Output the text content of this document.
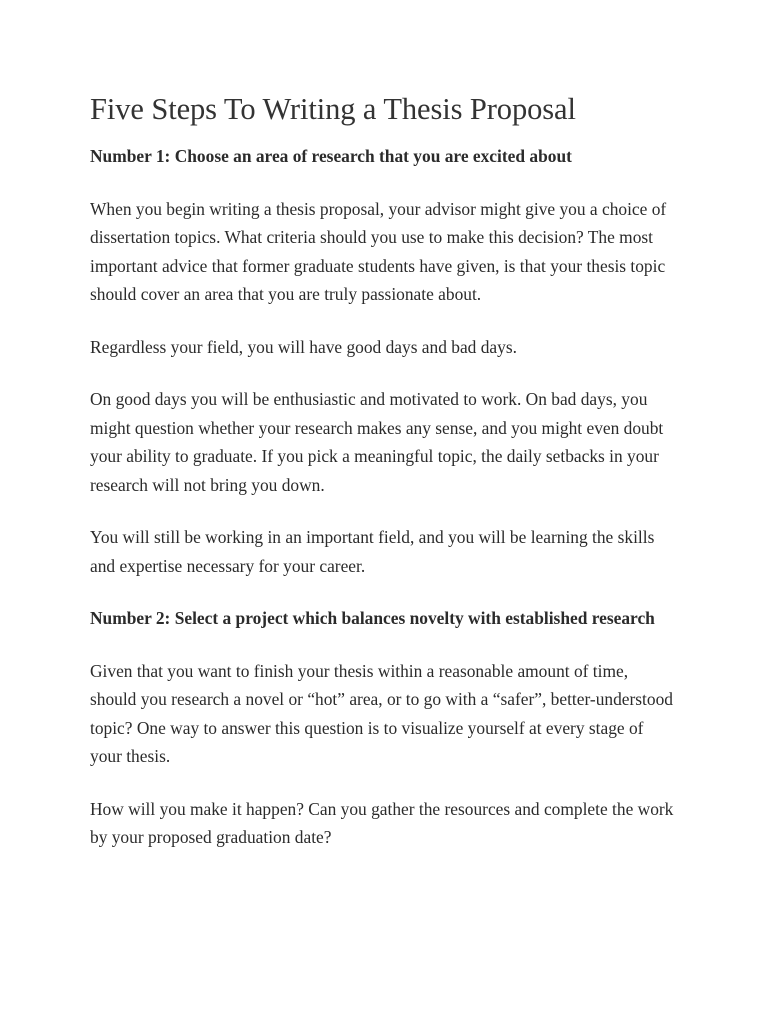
Five Steps To Writing a Thesis Proposal
Number 1: Choose an area of research that you are excited about

When you begin writing a thesis proposal, your advisor might give you a choice of dissertation topics. What criteria should you use to make this decision? The most important advice that former graduate students have given, is that your thesis topic should cover an area that you are truly passionate about.

Regardless your field, you will have good days and bad days.

On good days you will be enthusiastic and motivated to work. On bad days, you might question whether your research makes any sense, and you might even doubt your ability to graduate. If you pick a meaningful topic, the daily setbacks in your research will not bring you down.

You will still be working in an important field, and you will be learning the skills and expertise necessary for your career.

Number 2: Select a project which balances novelty with established research

Given that you want to finish your thesis within a reasonable amount of time, should you research a novel or “hot” area, or to go with a “safer”, better-understood topic? One way to answer this question is to visualize yourself at every stage of your thesis.

How will you make it happen? Can you gather the resources and complete the work by your proposed graduation date?
